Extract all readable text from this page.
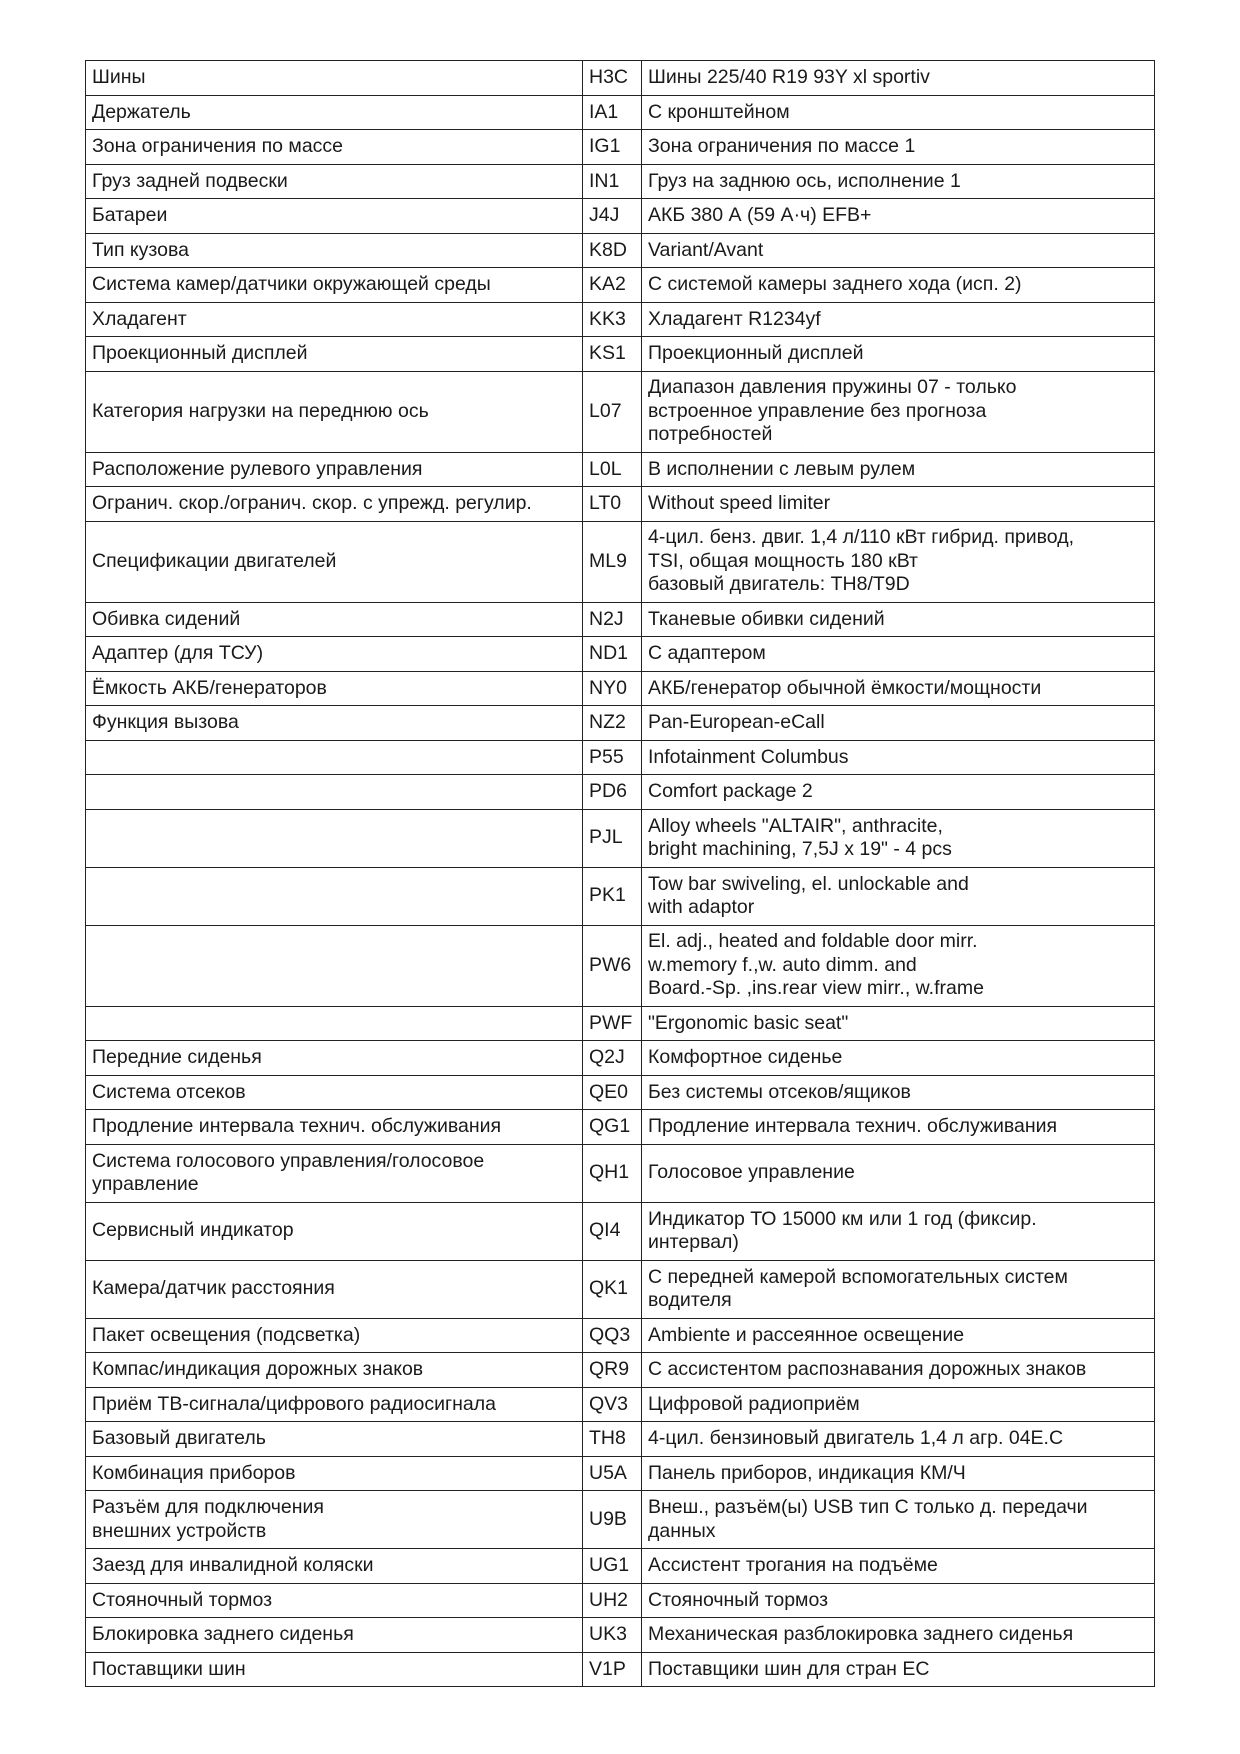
Шины	H3C	Шины 225/40 R19 93Y xl sportiv
Держатель	IA1	С кронштейном
Зона ограничения по массе	IG1	Зона ограничения по массе 1
Груз задней подвески	IN1	Груз на заднюю ось, исполнение 1
Батареи	J4J	АКБ 380 А (59 А·ч) EFB+
Тип кузова	K8D	Variant/Avant
Система камер/датчики окружающей среды	KA2	С системой камеры заднего хода (исп. 2)
Хладагент	KK3	Хладагент R1234yf
Проекционный дисплей	KS1	Проекционный дисплей
Категория нагрузки на переднюю ось	L07	Диапазон давления пружины 07 - только
встроенное управление без прогноза
потребностей
Расположение рулевого управления	L0L	В исполнении с левым рулем
Огранич. скор./огранич. скор. с упрежд. регулир.	LT0	Without speed limiter
Спецификации двигателей	ML9	4-цил. бенз. двиг. 1,4 л/110 кВт гибрид. привод,
TSI, общая мощность 180 кВт
базовый двигатель: TH8/T9D
Обивка сидений	N2J	Тканевые обивки сидений
Адаптер (для ТСУ)	ND1	С адаптером
Ёмкость АКБ/генераторов	NY0	АКБ/генератор обычной ёмкости/мощности
Функция вызова	NZ2	Pan-European-eCall
	P55	Infotainment Columbus
	PD6	Comfort package 2
	PJL	Alloy wheels "ALTAIR", anthracite,
bright machining, 7,5J x 19" - 4 pcs
	PK1	Tow bar swiveling, el. unlockable and
with adaptor
	PW6	El. adj., heated and foldable door mirr.
w.memory f.,w. auto dimm. and
Board.-Sp. ,ins.rear view mirr., w.frame
	PWF	"Ergonomic basic seat"
Передние сиденья	Q2J	Комфортное сиденье
Система отсеков	QE0	Без системы отсеков/ящиков
Продление интервала технич. обслуживания	QG1	Продление интервала технич. обслуживания
Система голосового управления/голосовое
управление	QH1	Голосовое управление
Сервисный индикатор	QI4	Индикатор ТО 15000 км или 1 год (фиксир.
интервал)
Камера/датчик расстояния	QK1	С передней камерой вспомогательных систем
водителя
Пакет освещения (подсветка)	QQ3	Ambiente и рассеянное освещение
Компас/индикация дорожных знаков	QR9	С ассистентом распознавания дорожных знаков
Приём ТВ-сигнала/цифрового радиосигнала	QV3	Цифровой радиоприём
Базовый двигатель	TH8	4-цил. бензиновый двигатель 1,4 л агр. 04E.C
Комбинация приборов	U5A	Панель приборов, индикация КМ/Ч
Разъём для подключения
внешних устройств	U9B	Внеш., разъём(ы) USB тип C только д. передачи
данных
Заезд для инвалидной коляски	UG1	Ассистент трогания на подъёме
Стояночный тормоз	UH2	Стояночный тормоз
Блокировка заднего сиденья	UK3	Механическая разблокировка заднего сиденья
Поставщики шин	V1P	Поставщики шин для стран ЕС
